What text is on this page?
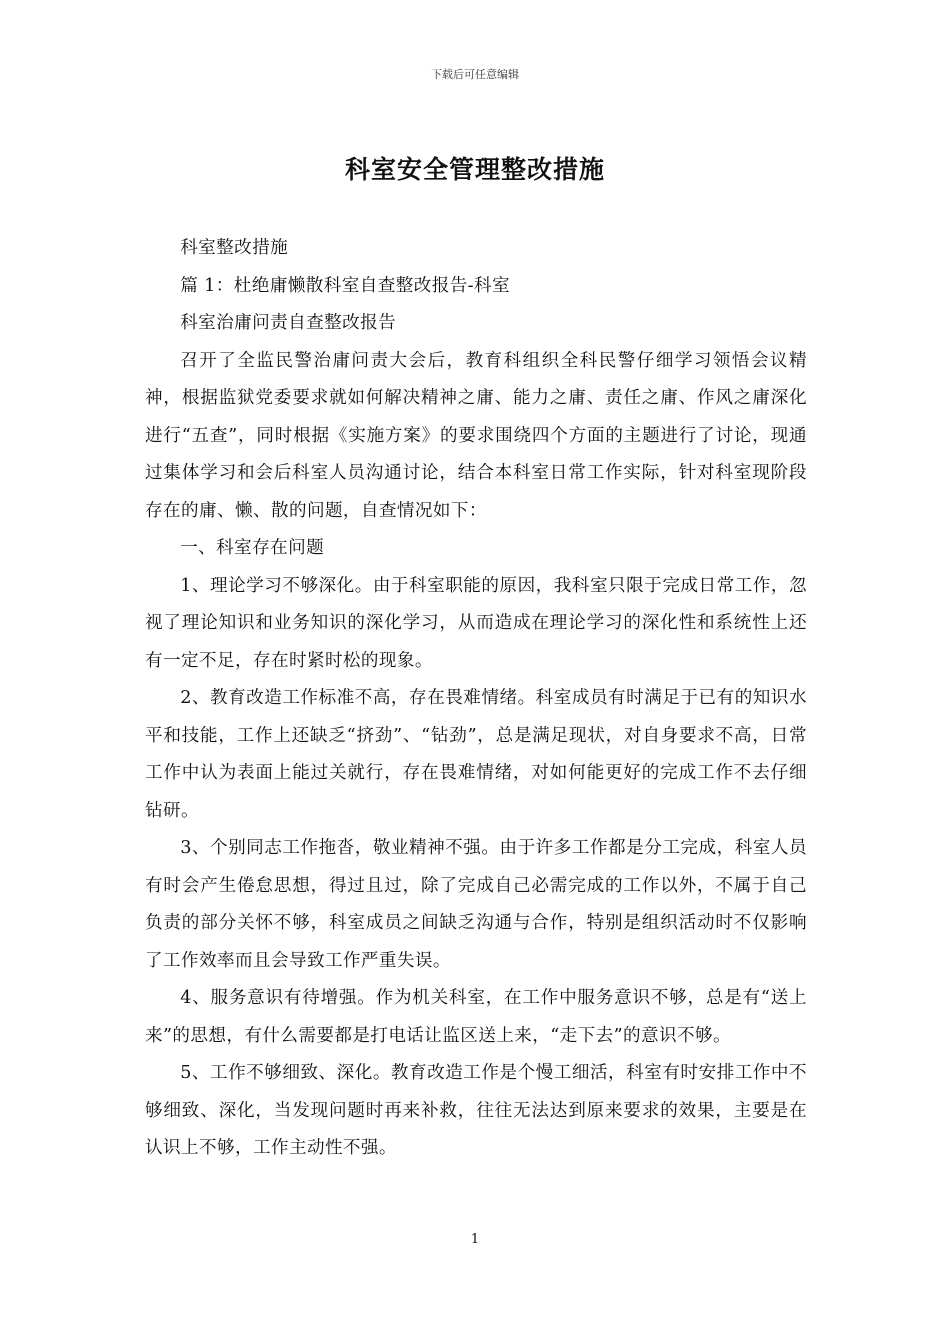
下载后可任意编辑
科室安全管理整改措施

科室整改措施

篇 1：杜绝庸懒散科室自查整改报告-科室

科室治庸问责自查整改报告

召开了全监民警治庸问责大会后，教育科组织全科民警仔细学习领悟会议精神，根据监狱党委要求就如何解决精神之庸、能力之庸、责任之庸、作风之庸深化进行“五查”，同时根据《实施方案》的要求围绕四个方面的主题进行了讨论，现通过集体学习和会后科室人员沟通讨论，结合本科室日常工作实际，针对科室现阶段存在的庸、懒、散的问题，自查情况如下：

一、科室存在问题

1、理论学习不够深化。由于科室职能的原因，我科室只限于完成日常工作，忽视了理论知识和业务知识的深化学习，从而造成在理论学习的深化性和系统性上还有一定不足，存在时紧时松的现象。

2、教育改造工作标准不高，存在畏难情绪。科室成员有时满足于已有的知识水平和技能，工作上还缺乏“挤劲”、“钻劲”，总是满足现状，对自身要求不高，日常工作中认为表面上能过关就行，存在畏难情绪，对如何能更好的完成工作不去仔细钻研。

3、个别同志工作拖沓，敬业精神不强。由于许多工作都是分工完成，科室人员有时会产生倦怠思想，得过且过，除了完成自己必需完成的工作以外，不属于自己负责的部分关怀不够，科室成员之间缺乏沟通与合作，特别是组织活动时不仅影响了工作效率而且会导致工作严重失误。

4、服务意识有待增强。作为机关科室，在工作中服务意识不够，总是有“送上来”的思想，有什么需要都是打电话让监区送上来，“走下去”的意识不够。

5、工作不够细致、深化。教育改造工作是个慢工细活，科室有时安排工作中不够细致、深化，当发现问题时再来补救，往往无法达到原来要求的效果，主要是在认识上不够，工作主动性不强。

1
